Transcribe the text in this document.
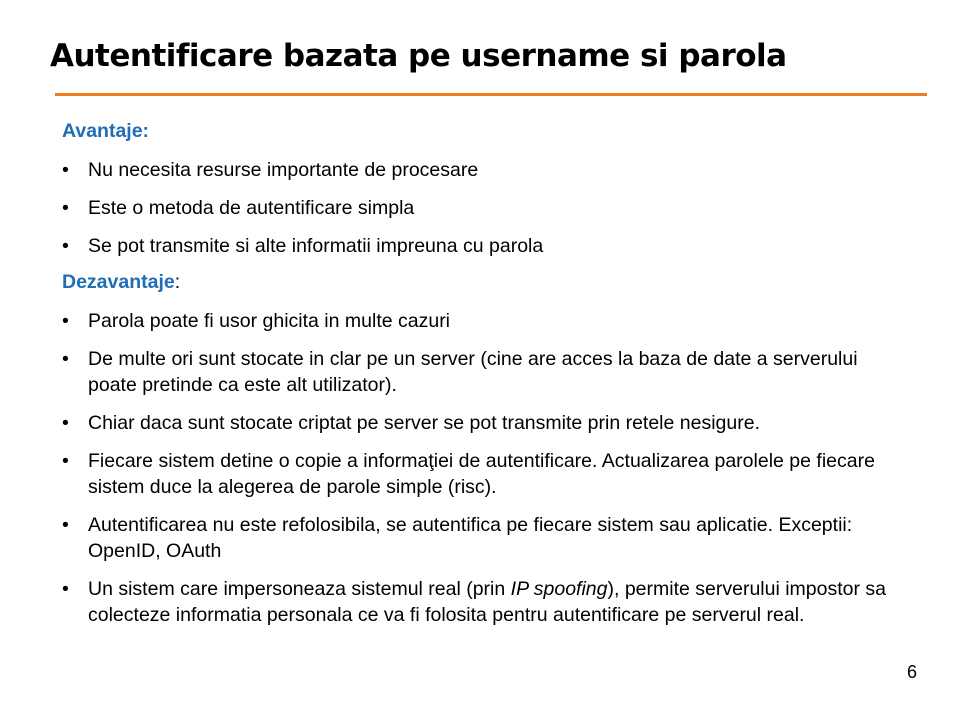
Autentificare bazata pe username si parola
Avantaje:
• Nu necesita resurse importante de procesare
• Este o metoda de autentificare simpla
• Se pot transmite si alte informatii impreuna cu parola
Dezavantaje:
• Parola poate fi usor ghicita in multe cazuri
• De multe ori sunt stocate in clar pe un server (cine are acces la baza de date a serverului poate pretinde ca este alt utilizator).
• Chiar daca sunt stocate criptat pe server se pot transmite prin retele nesigure.
• Fiecare sistem detine o copie a informaţiei de autentificare. Actualizarea parolele pe fiecare sistem duce la alegerea de parole simple (risc).
• Autentificarea nu este refolosibila, se autentifica pe fiecare sistem sau aplicatie. Exceptii: OpenID, OAuth
• Un sistem care impersoneaza sistemul real (prin IP spoofing), permite serverului impostor sa colecteze informatia personala ce va fi folosita pentru autentificare pe serverul real.
6
